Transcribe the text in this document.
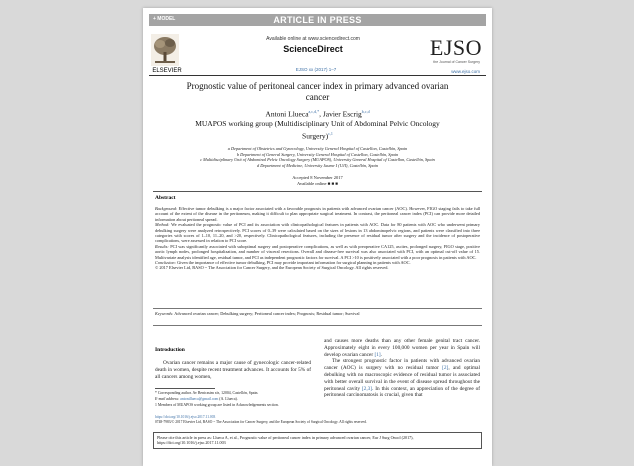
+ MODEL	ARTICLE IN PRESS
ELSEVIER
Available online at www.sciencedirect.com
ScienceDirect	EJSO
the Journal of Cancer Surgery
EJSO xx (2017) 1–7	www.ejso.com
Prognostic value of peritoneal cancer index in primary advanced ovarian cancer
Antoni Llueca$^{a,c,d,*}$, Javier Escrig$^{b,c,d}$
MUAPOS working group (Multidisciplinary Unit of Abdominal Pelvic Oncology Surgery)$^{c,1}$
a Department of Obstetrics and Gynecology, University General Hospital of Castellon, Castellón, Spain
b Department of General Surgery, University General Hospital of Castellon, Castellón, Spain
c Multidisciplinary Unit of Abdominal Pelvic Oncology Surgery (MUAPOS), University General Hospital of Castellon, Castellón, Spain
d Department of Medicine, University Jaume I (UJI), Castellón, Spain
Accepted 8 November 2017
Available online ■ ■ ■
Abstract

Background: Effective tumor debulking is a major factor associated with a favorable prognosis in patients with advanced ovarian cancer (AOC). However, FIGO staging fails to take full account of the extent of the disease in the peritoneum, making it difficult to plan appropriate surgical treatment. In contrast, the peritoneal cancer index (PCI) can provide more detailed information about peritoneal spread.

Method: We evaluated the prognostic value of PCI and its association with clinicopathological features in patients with AOC. Data for 80 patients with AOC who underwent primary debulking surgery were analyzed retrospectively. PCI scores of 0–39 were calculated based on the sizes of lesions in 13 abdominopelvic regions, and patients were classified into three categories with scores of 1–10, 11–20, and >20, respectively. Clinicopathological features, including the presence of residual tumor after surgery and the incidence of postoperative complications, were assessed in relation to PCI score.

Results: PCI was significantly associated with suboptimal surgery and postoperative complications, as well as with preoperative CA125, ascites, prolonged surgery, FIGO stage, positive aortic lymph nodes, prolonged hospitalization, and number of visceral resections. Overall and disease-free survival was also associated with PCI, with an optimal cut-off value of 15. Multivariate analysis identified age, residual tumor, and PCI as independent prognostic factors for survival. A PCI >10 is positively associated with a poor prognosis in patients with AOC.

Conclusion: Given the importance of effective tumor debulking, PCI may provide important information for surgical planning in patients with AOC.

© 2017 Elsevier Ltd, BASO ~ The Association for Cancer Surgery, and the European Society of Surgical Oncology. All rights reserved.

Keywords: Advanced ovarian cancer; Debulking surgery; Peritoneal cancer index; Prognosis; Residual tumor; Survival
Introduction

Ovarian cancer remains a major cause of gynecologic cancer-related death in women, despite recent treatment advances. It accounts for 5% of all cancers among women,

and causes more deaths than any other female genital tract cancer. Approximately eight in every 100,000 women per year in Spain will develop ovarian cancer [1].

The strongest prognostic factor in patients with advanced ovarian cancer (AOC) is surgery with no residual tumor [2], and optimal debulking with no macroscopic evidence of residual tumor is associated with better overall survival in the event of disease spread throughout the peritoneal cavity [2,3]. In this context, an appreciation of the degree of peritoneal carcinomatosis is crucial, given that

* Corresponding author. Av Benicasim s/n, 12004, Castellón, Spain.

E-mail address: antonillueca@gmail.com (A. Llueca).

1 Members of MUAPOS working group are listed in Acknowledgements section.

https://doi.org/10.1016/j.ejso.2017.11.003
0748-7983/© 2017 Elsevier Ltd, BASO ~ The Association for Cancer Surgery, and the European Society of Surgical Oncology. All rights reserved.
Please cite this article in press as: Llueca A, et al., Prognostic value of peritoneal cancer index in primary advanced ovarian cancer, Eur J Surg Oncol (2017), https://doi.org/10.1016/j.ejso.2017.11.003
